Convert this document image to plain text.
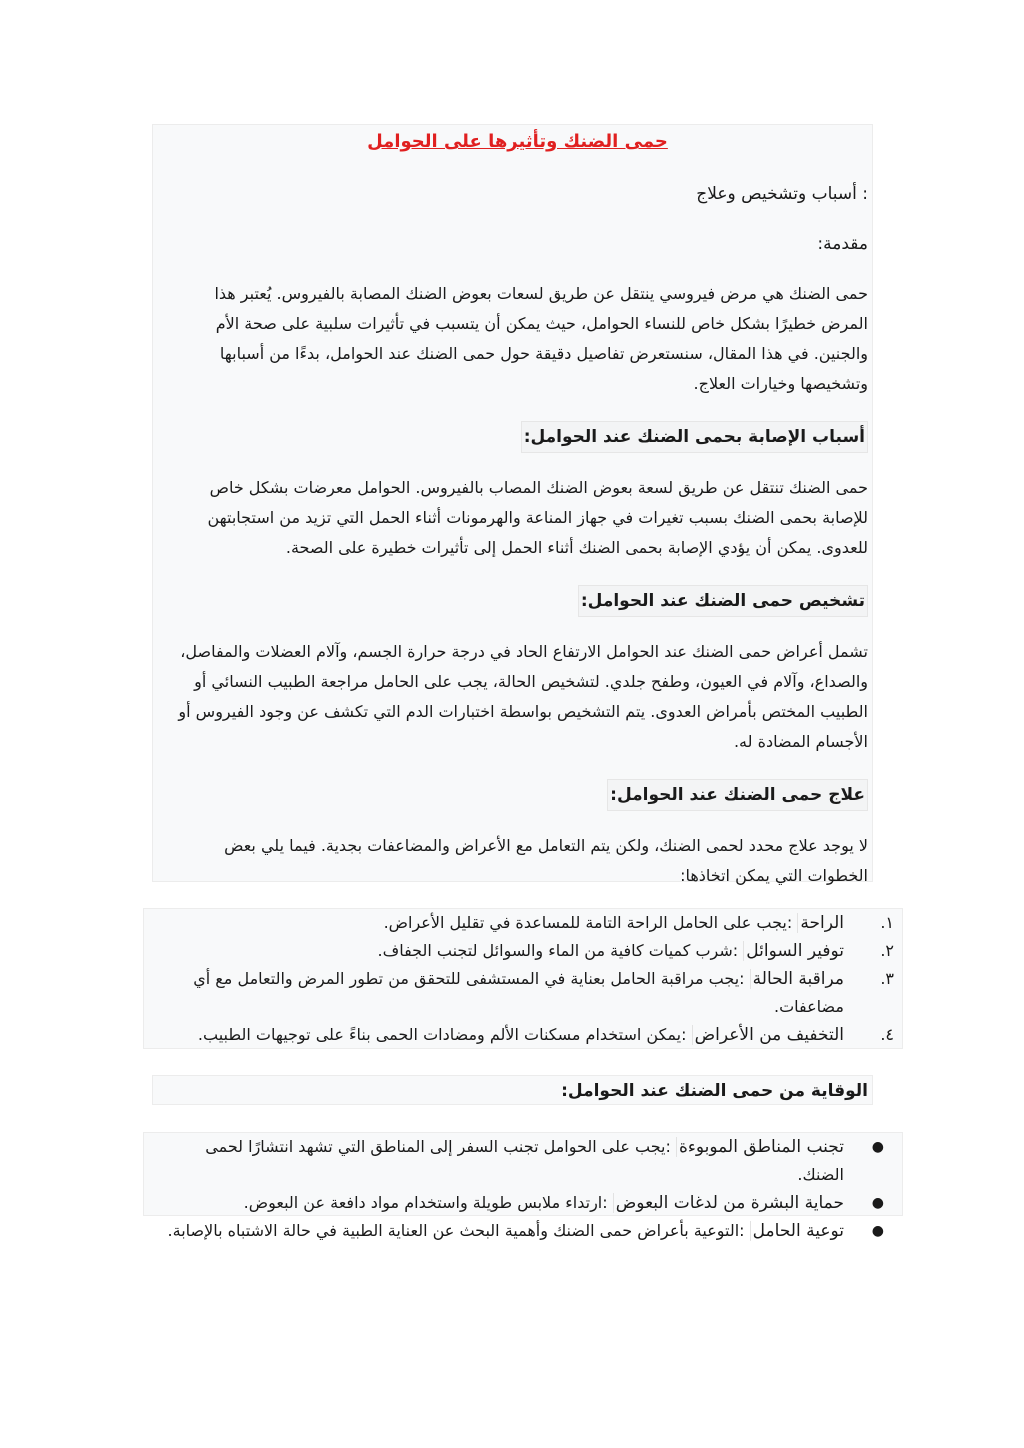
حمى الضنك وتأثيرها على الحوامل

: أسباب وتشخيص وعلاج

مقدمة:

حمى الضنك هي مرض فيروسي ينتقل عن طريق لسعات بعوض الضنك المصابة بالفيروس. يُعتبر هذا المرض خطيرًا بشكل خاص للنساء الحوامل، حيث يمكن أن يتسبب في تأثيرات سلبية على صحة الأم والجنين. في هذا المقال، سنستعرض تفاصيل دقيقة حول حمى الضنك عند الحوامل، بدءًا من أسبابها وتشخيصها وخيارات العلاج.

أسباب الإصابة بحمى الضنك عند الحوامل:

حمى الضنك تنتقل عن طريق لسعة بعوض الضنك المصاب بالفيروس. الحوامل معرضات بشكل خاص للإصابة بحمى الضنك بسبب تغيرات في جهاز المناعة والهرمونات أثناء الحمل التي تزيد من استجابتهن للعدوى. يمكن أن يؤدي الإصابة بحمى الضنك أثناء الحمل إلى تأثيرات خطيرة على الصحة.

تشخيص حمى الضنك عند الحوامل:

تشمل أعراض حمى الضنك عند الحوامل الارتفاع الحاد في درجة حرارة الجسم، وآلام العضلات والمفاصل، والصداع، وآلام في العيون، وطفح جلدي. لتشخيص الحالة، يجب على الحامل مراجعة الطبيب النسائي أو الطبيب المختص بأمراض العدوى. يتم التشخيص بواسطة اختبارات الدم التي تكشف عن وجود الفيروس أو الأجسام المضادة له.

علاج حمى الضنك عند الحوامل:

لا يوجد علاج محدد لحمى الضنك، ولكن يتم التعامل مع الأعراض والمضاعفات بجدية. فيما يلي بعض الخطوات التي يمكن اتخاذها:

١.
الراحة :يجب على الحامل الراحة التامة للمساعدة في تقليل الأعراض.
٢.
توفير السوائل :شرب كميات كافية من الماء والسوائل لتجنب الجفاف.
٣.
مراقبة الحالة :يجب مراقبة الحامل بعناية في المستشفى للتحقق من تطور المرض والتعامل مع أي مضاعفات.
٤.
التخفيف من الأعراض :يمكن استخدام مسكنات الألم ومضادات الحمى بناءً على توجيهات الطبيب.
الوقاية من حمى الضنك عند الحوامل:
●
تجنب المناطق الموبوءة :يجب على الحوامل تجنب السفر إلى المناطق التي تشهد انتشارًا لحمى الضنك.
●
حماية البشرة من لدغات البعوض :ارتداء ملابس طويلة واستخدام مواد دافعة عن البعوض.
●
توعية الحامل :التوعية بأعراض حمى الضنك وأهمية البحث عن العناية الطبية في حالة الاشتباه بالإصابة.
